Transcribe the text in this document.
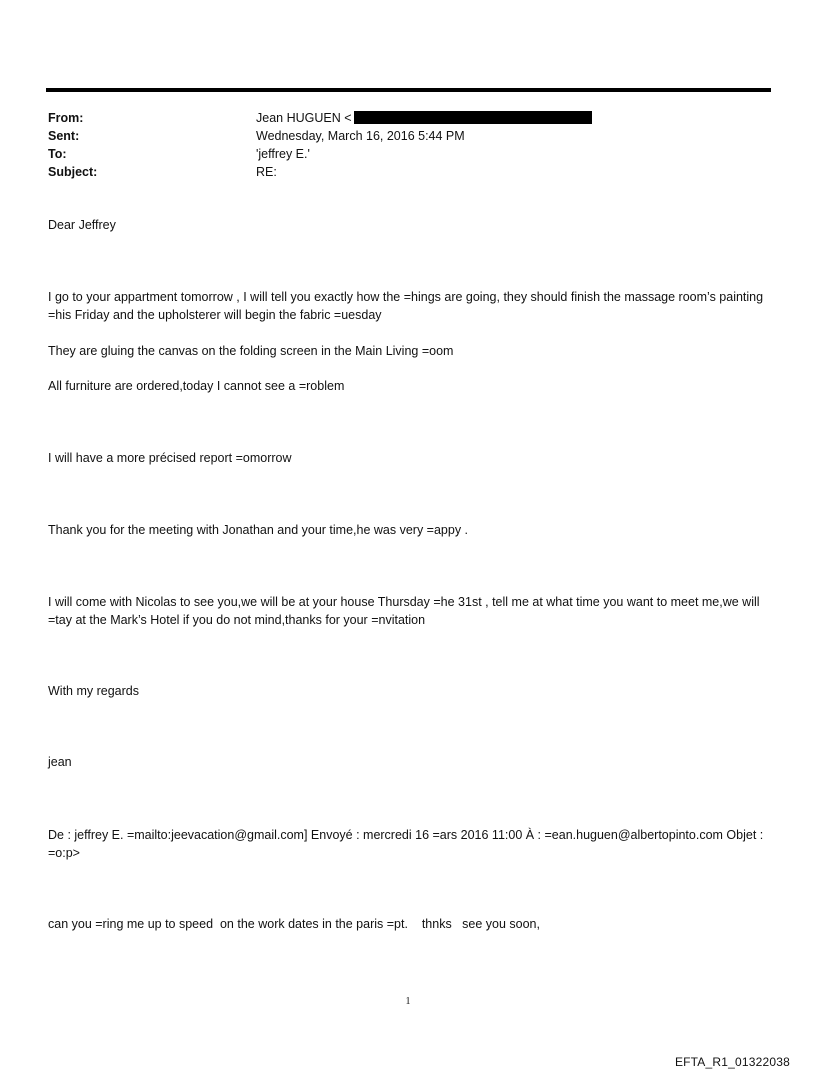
From:	Jean HUGUEN <
Sent:	Wednesday, March 16, 2016 5:44 PM
To:	'jeffrey E.'
Subject:	RE:

Dear Jeffrey

I go to your appartment tomorrow , I will tell you exactly how the =hings are going, they should finish the massage room’s painting =his Friday and the upholsterer will begin the fabric =uesday

They are gluing the canvas on the folding screen in the Main Living =oom

All furniture are ordered,today I cannot see a =roblem

I will have a more précised report =omorrow

Thank you for the meeting with Jonathan and your time,he was very =appy .

I will come with Nicolas to see you,we will be at your house Thursday =he 31st , tell me at what time you want to meet me,we will =tay at the Mark’s Hotel if you do not mind,thanks for your =nvitation

With my regards

jean

De : jeffrey E. =mailto:jeevacation@gmail.com] Envoyé : mercredi 16 =ars 2016 11:00 À : =ean.huguen@albertopinto.com Objet : =o:p>

can you =ring me up to speed  on the work dates in the paris =pt.    thnks   see you soon,

1
EFTA_R1_01322038
